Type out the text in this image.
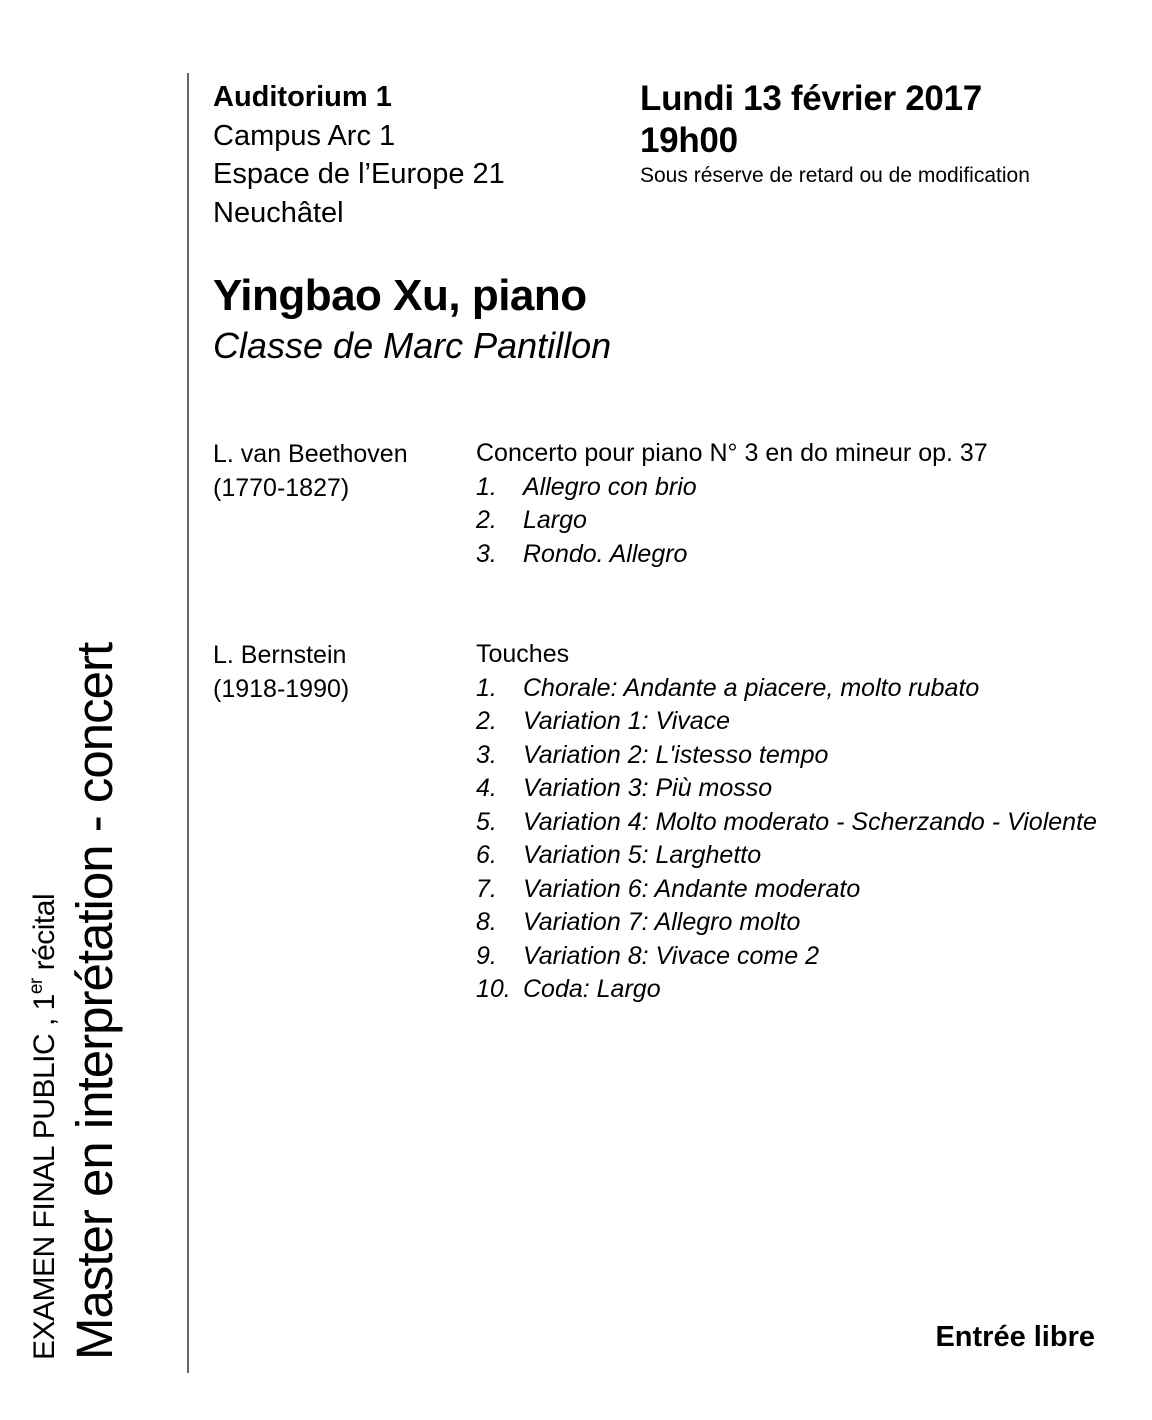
EXAMEN FINAL PUBLIC , 1er récital Master en interprétation - concert
Auditorium 1
Campus Arc 1
Espace de l’Europe 21
Neuchâtel
Lundi 13 février 2017
19h00
Sous réserve de retard ou de modification
Yingbao Xu, piano
Classe de Marc Pantillon
L. van Beethoven
(1770-1827)
Concerto pour piano N° 3 en do mineur op. 37
1. Allegro con brio
2. Largo
3. Rondo. Allegro
L. Bernstein
(1918-1990)
Touches
1. Chorale: Andante a piacere, molto rubato
2. Variation 1: Vivace
3. Variation 2: L'istesso tempo
4. Variation 3: Più mosso
5. Variation 4: Molto moderato - Scherzando - Violente
6. Variation 5: Larghetto
7. Variation 6: Andante moderato
8. Variation 7: Allegro molto
9. Variation 8: Vivace come 2
10. Coda: Largo
Entrée libre
